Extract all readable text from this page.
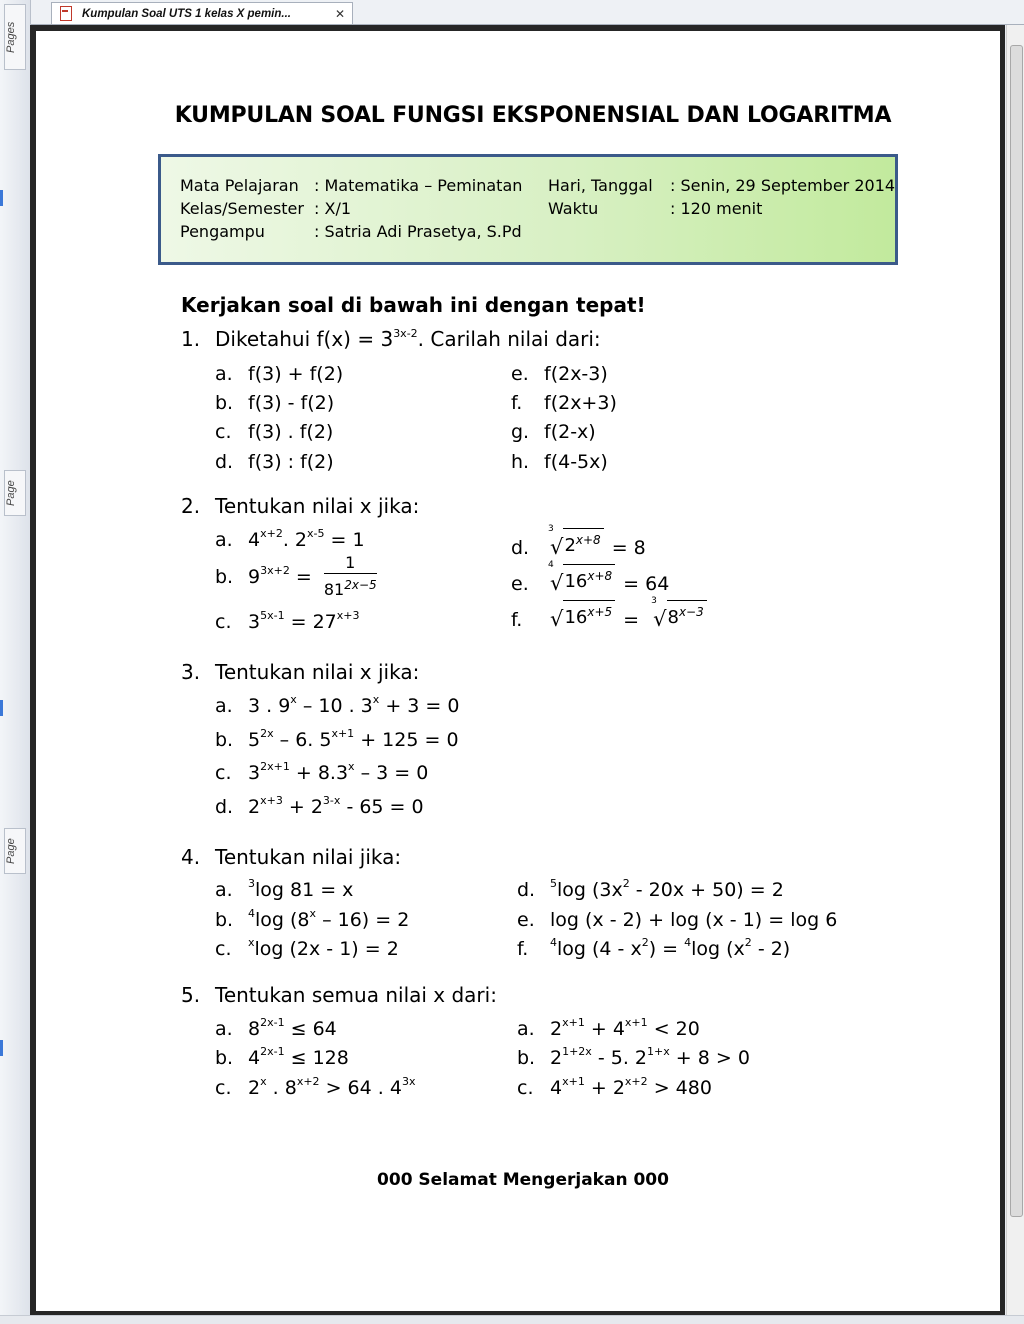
Pages
Page
Page
Kumpulan Soal UTS 1 kelas X pemin...	✕
KUMPULAN SOAL FUNGSI EKSPONENSIAL DAN LOGARITMA
Mata Pelajaran : Matematika – Peminatan
Kelas/Semester : X/1
Pengampu	: Satria Adi Prasetya, S.Pd
Hari, Tanggal : Senin, 29 September 2014
Waktu	: 120 menit
Kerjakan soal di bawah ini dengan tepat!
1. Diketahui $f(x) = 3^{3x-2}$. Carilah nilai dari:
a. f(3) + f(2)
b. f(3) - f(2)
c. f(3) . f(2)
d. f(3) : f(2)
e. f(2x-3)
f. f(2x+3)
g. f(2-x)
h. f(4-5x)
2. Tentukan nilai x jika:
a. $4^{x+2}$. $2^{x-5} = 1$
b. $9^{3x+2} = \frac{1}{81^{2x-5}}$
c. $3^{5x-1} = 27^{x+3}$
d.
3
√ $2^{x+8} = 8$
e.
4
√ $16^{x+8} = 64$
f. √ $16^{x+5}$ =
3
√ $8^{x-3}$
3. Tentukan nilai x jika:
a. 3 . 9$^x$ – 10 . $3^x + 3 = 0$
b. $5^{2x} - 6$. $5^{x+1} + 125 = 0$
c. $3^{2x+1} + 8.3^x - 3 = 0$
d. $2^{x+3} + 2^{3-x} - 65 = 0$
4. Tentukan nilai jika:
a. $^3$log 81 = x
b. $^4$log (8$^x$ – 16) = 2
c. $^x$log (2x - 1) = 2
d. $^5$log $(3x^2 - 20x + 50) = 2$
e. log (x - 2) + log (x - 1) = log 6
f. $^4$log $(4 - x^2) = ^4\log$ $(x^2 - 2)$
5. Tentukan semua nilai x dari:
a. $8^{2x-1} \le 64$
b. $4^{2x-1} \le 128$
c. 2$^x$ . $8^{x+2} > 64$ . $4^{3x}$
a. $2^{x+1} + 4^{x+1} < 20$
b. $2^{1+2x} - 5$. $2^{1+x} + 8 > 0$
c. $4^{x+1} + 2^{x+2} > 480$
000 Selamat Mengerjakan 000
